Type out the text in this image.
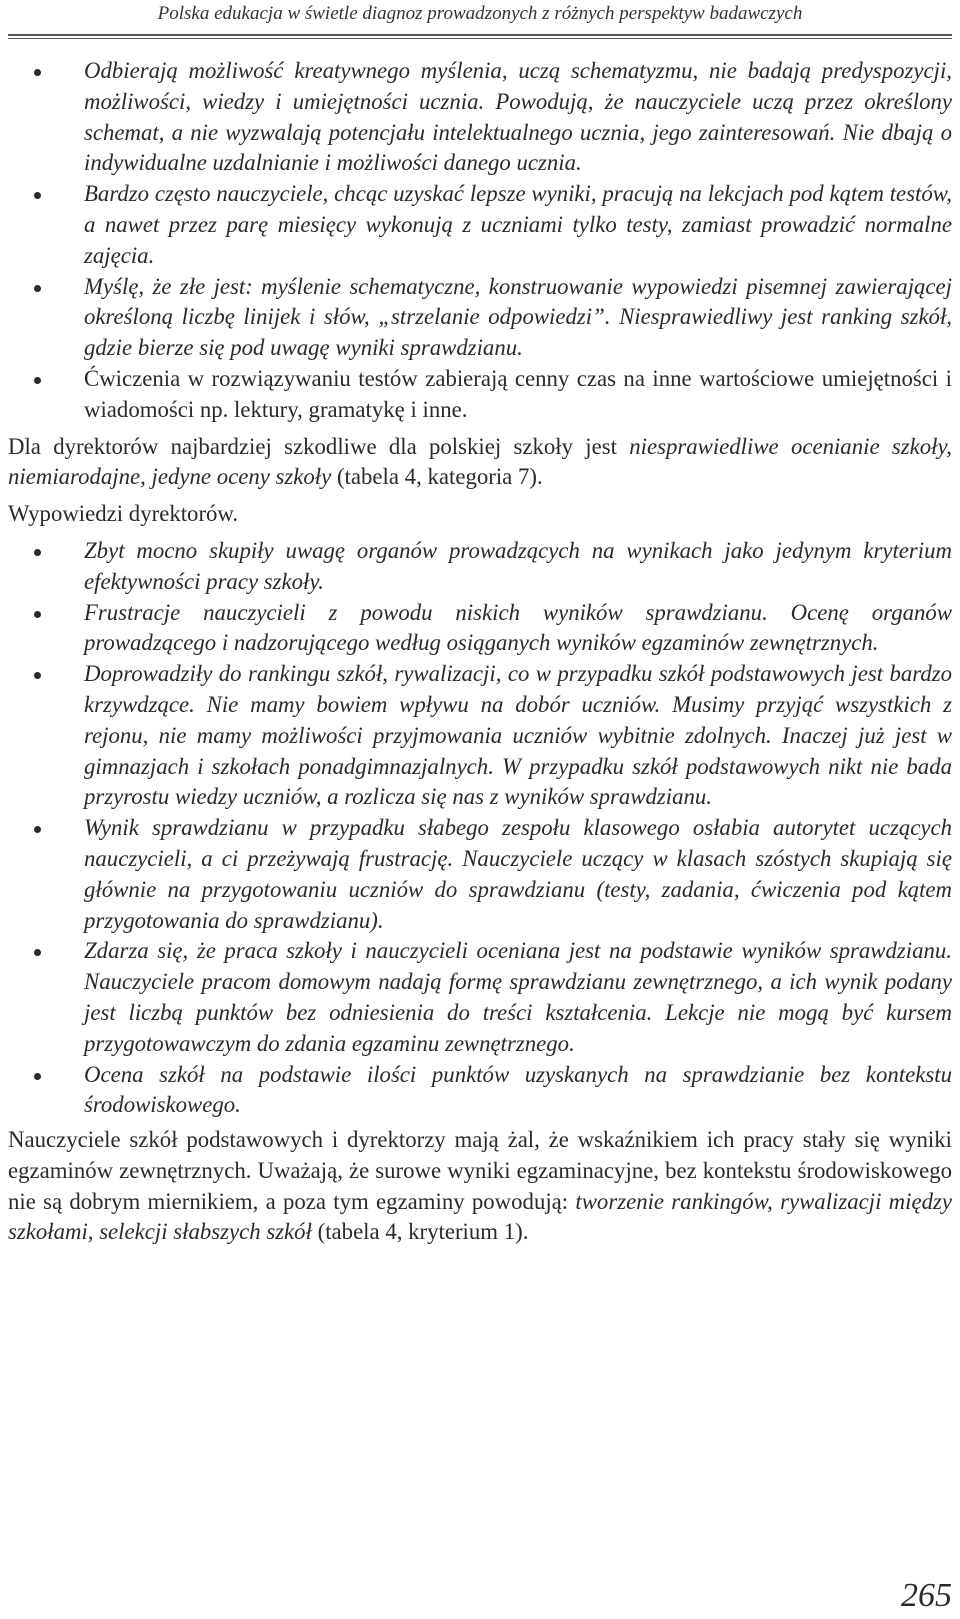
Polska edukacja w świetle diagnoz prowadzonych z różnych perspektyw badawczych
Odbierają możliwość kreatywnego myślenia, uczą schematyzmu, nie badają predyspozycji, możliwości, wiedzy i umiejętności ucznia. Powodują, że nauczyciele uczą przez określony schemat, a nie wyzwalają potencjału intelektualnego ucznia, jego zainteresowań. Nie dbają o indywidualne uzdalnianie i możliwości danego ucznia.
Bardzo często nauczyciele, chcąc uzyskać lepsze wyniki, pracują na lekcjach pod kątem testów, a nawet przez parę miesięcy wykonują z uczniami tylko testy, zamiast prowadzić normalne zajęcia.
Myślę, że złe jest: myślenie schematyczne, konstruowanie wypowiedzi pisemnej zawierającej określoną liczbę linijek i słów, „strzelanie odpowiedzi”. Niesprawiedliwy jest ranking szkół, gdzie bierze się pod uwagę wyniki sprawdzianu.
Ćwiczenia w rozwiązywaniu testów zabierają cenny czas na inne wartościowe umiejętności i wiadomości np. lektury, gramatykę i inne.

Dla dyrektorów najbardziej szkodliwe dla polskiej szkoły jest niesprawiedliwe ocenianie szkoły, niemiarodajne, jedyne oceny szkoły (tabela 4, kategoria 7).

Wypowiedzi dyrektorów.

Zbyt mocno skupiły uwagę organów prowadzących na wynikach jako jedynym kryterium efektywności pracy szkoły.
Frustracje nauczycieli z powodu niskich wyników sprawdzianu. Ocenę organów prowadzącego i nadzorującego według osiąganych wyników egzaminów zewnętrznych.
Doprowadziły do rankingu szkół, rywalizacji, co w przypadku szkół podstawowych jest bardzo krzywdzące. Nie mamy bowiem wpływu na dobór uczniów. Musimy przyjąć wszystkich z rejonu, nie mamy możliwości przyjmowania uczniów wybitnie zdolnych. Inaczej już jest w gimnazjach i szkołach ponadgimnazjalnych. W przypadku szkół podstawowych nikt nie bada przyrostu wiedzy uczniów, a rozlicza się nas z wyników sprawdzianu.
Wynik sprawdzianu w przypadku słabego zespołu klasowego osłabia autorytet uczących nauczycieli, a ci przeżywają frustrację. Nauczyciele uczący w klasach szóstych skupiają się głównie na przygotowaniu uczniów do sprawdzianu (testy, zadania, ćwiczenia pod kątem przygotowania do sprawdzianu).
Zdarza się, że praca szkoły i nauczycieli oceniana jest na podstawie wyników sprawdzianu. Nauczyciele pracom domowym nadają formę sprawdzianu zewnętrznego, a ich wynik podany jest liczbą punktów bez odniesienia do treści kształcenia. Lekcje nie mogą być kursem przygotowawczym do zdania egzaminu zewnętrznego.
Ocena szkół na podstawie ilości punktów uzyskanych na sprawdzianie bez kontekstu środowiskowego.

Nauczyciele szkół podstawowych i dyrektorzy mają żal, że wskaźnikiem ich pracy stały się wyniki egzaminów zewnętrznych. Uważają, że surowe wyniki egzaminacyjne, bez kontekstu środowiskowego nie są dobrym miernikiem, a poza tym egzaminy powodują: tworzenie rankingów, rywalizacji między szkołami, selekcji słabszych szkół (tabela 4, kryterium 1).

265
